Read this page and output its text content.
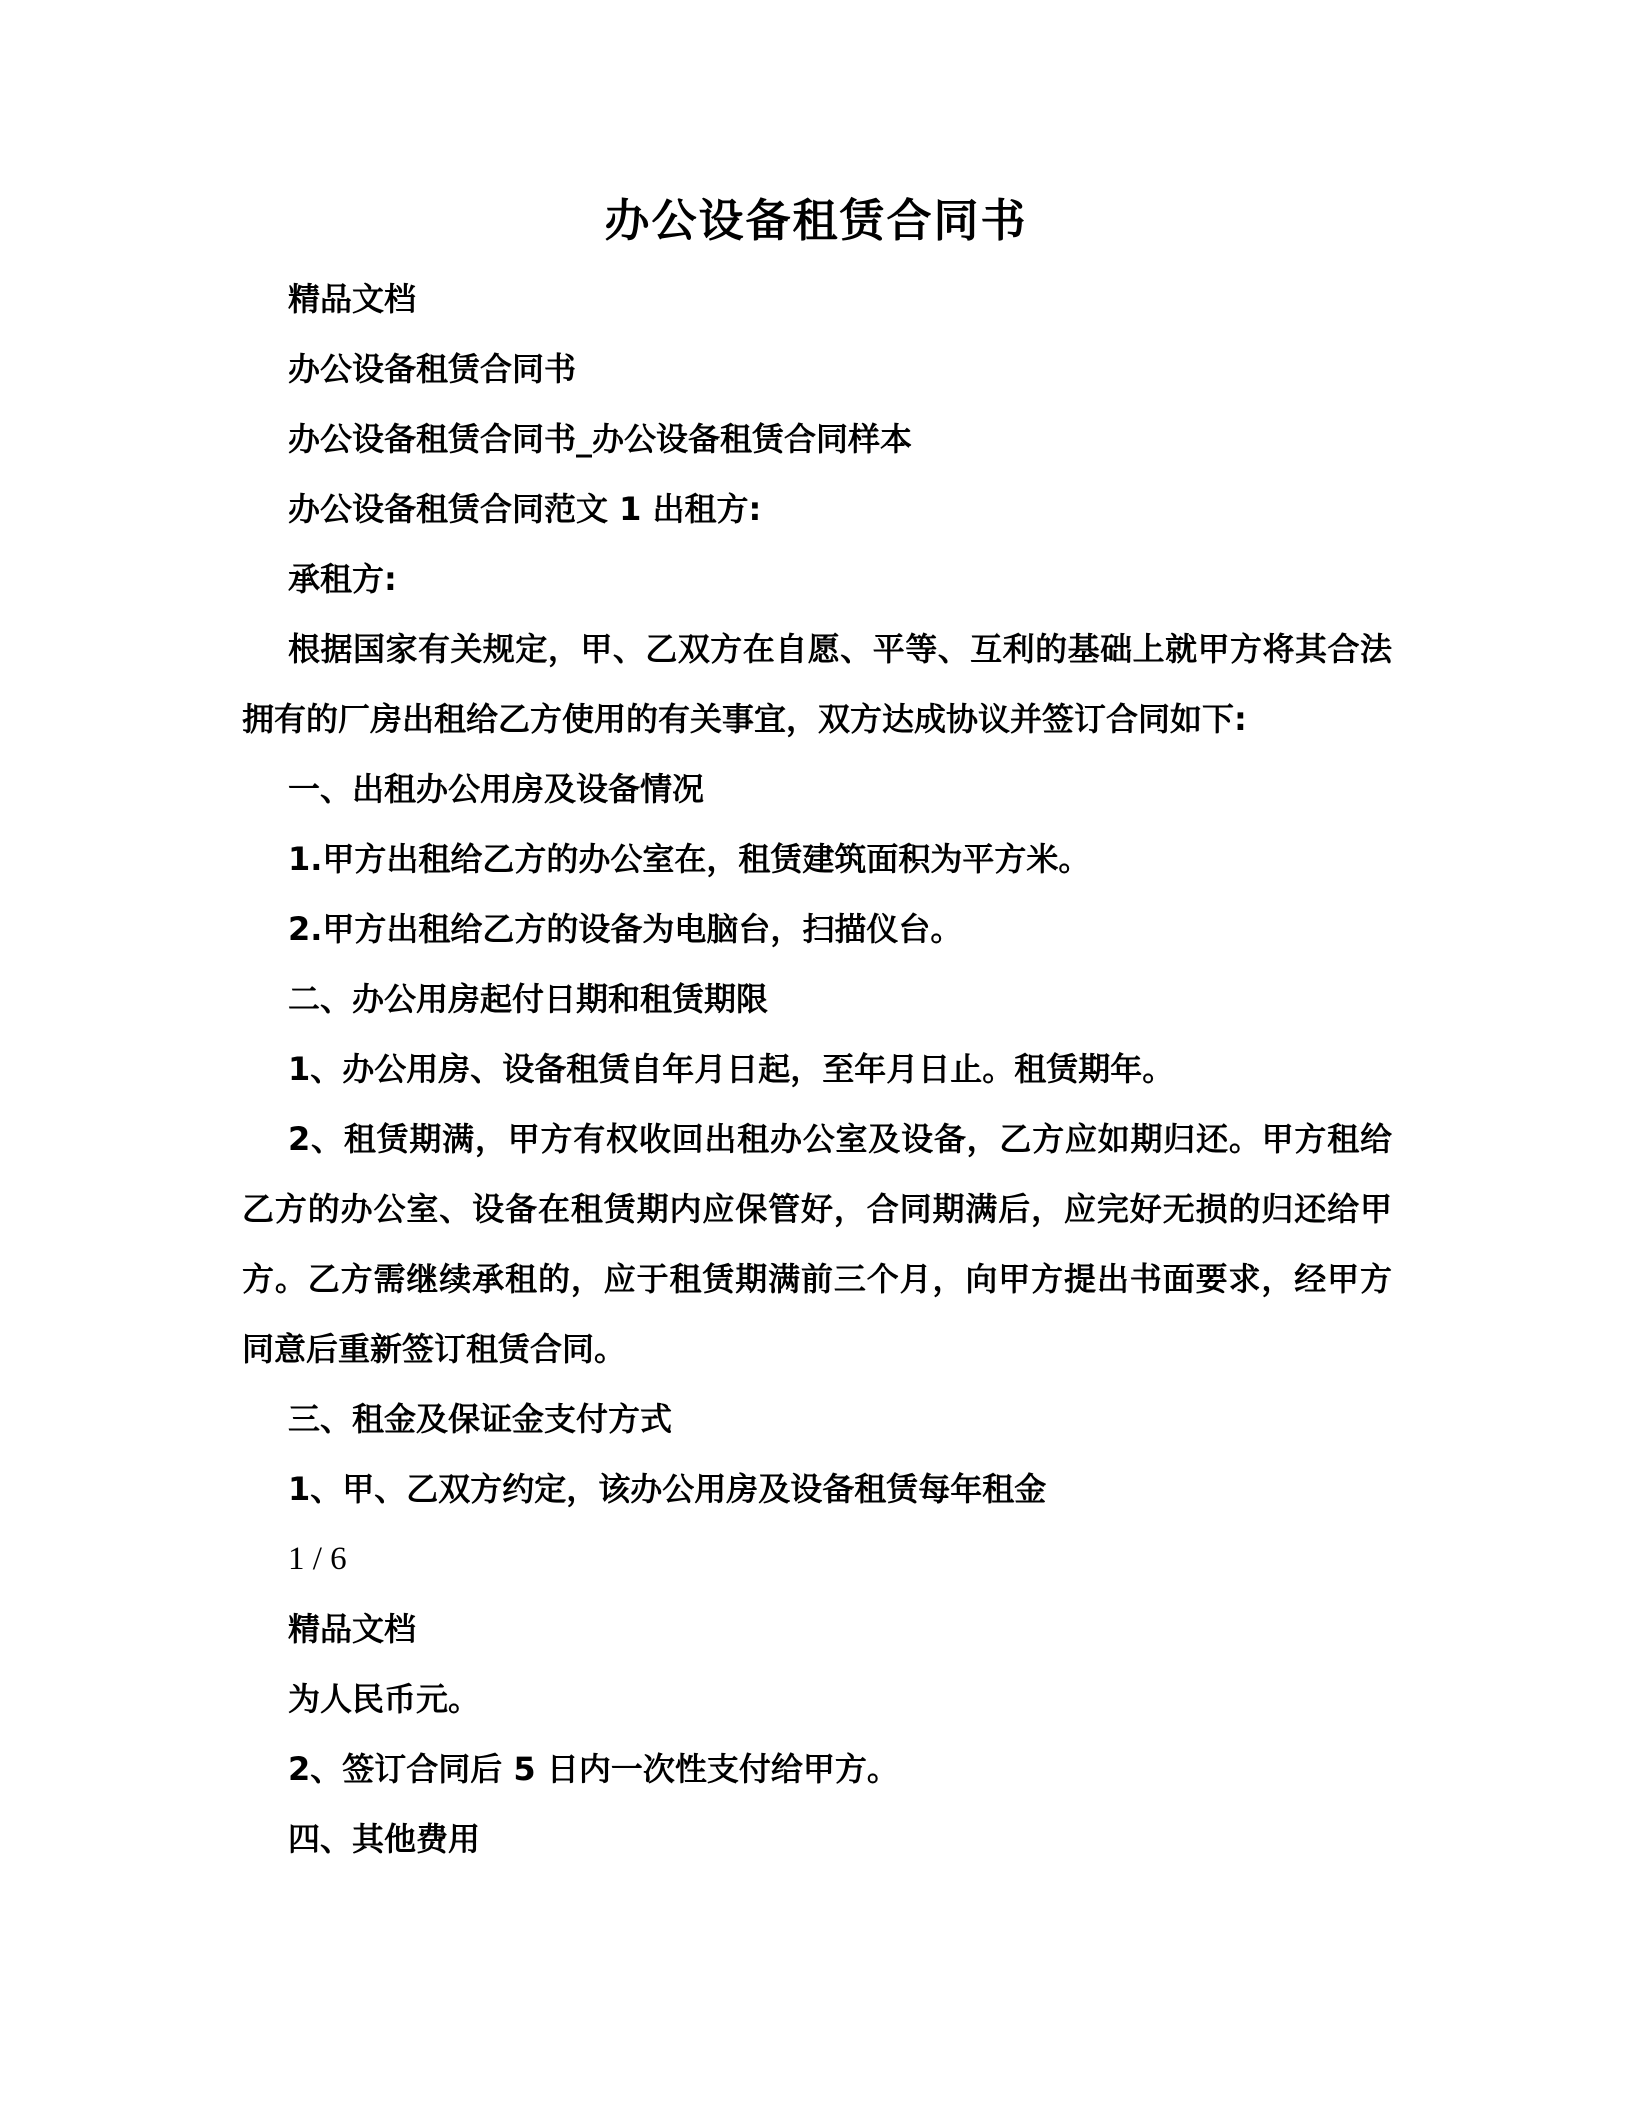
办公设备租赁合同书
精品文档
办公设备租赁合同书
办公设备租赁合同书_办公设备租赁合同样本
办公设备租赁合同范文 1 出租方:
承租方:
根据国家有关规定，甲、乙双方在自愿、平等、互利的基础上就甲方将其合法
拥有的厂房出租给乙方使用的有关事宜，双方达成协议并签订合同如下:
一、出租办公用房及设备情况
1.甲方出租给乙方的办公室在，租赁建筑面积为平方米。
2.甲方出租给乙方的设备为电脑台，扫描仪台。
二、办公用房起付日期和租赁期限
1、办公用房、设备租赁自年月日起，至年月日止。租赁期年。
2、租赁期满，甲方有权收回出租办公室及设备，乙方应如期归还。甲方租给
乙方的办公室、设备在租赁期内应保管好，合同期满后，应完好无损的归还给甲
方。乙方需继续承租的，应于租赁期满前三个月，向甲方提出书面要求，经甲方
同意后重新签订租赁合同。
三、租金及保证金支付方式
1、甲、乙双方约定，该办公用房及设备租赁每年租金
1 / 6
精品文档
为人民币元。
2、签订合同后 5 日内一次性支付给甲方。
四、其他费用
